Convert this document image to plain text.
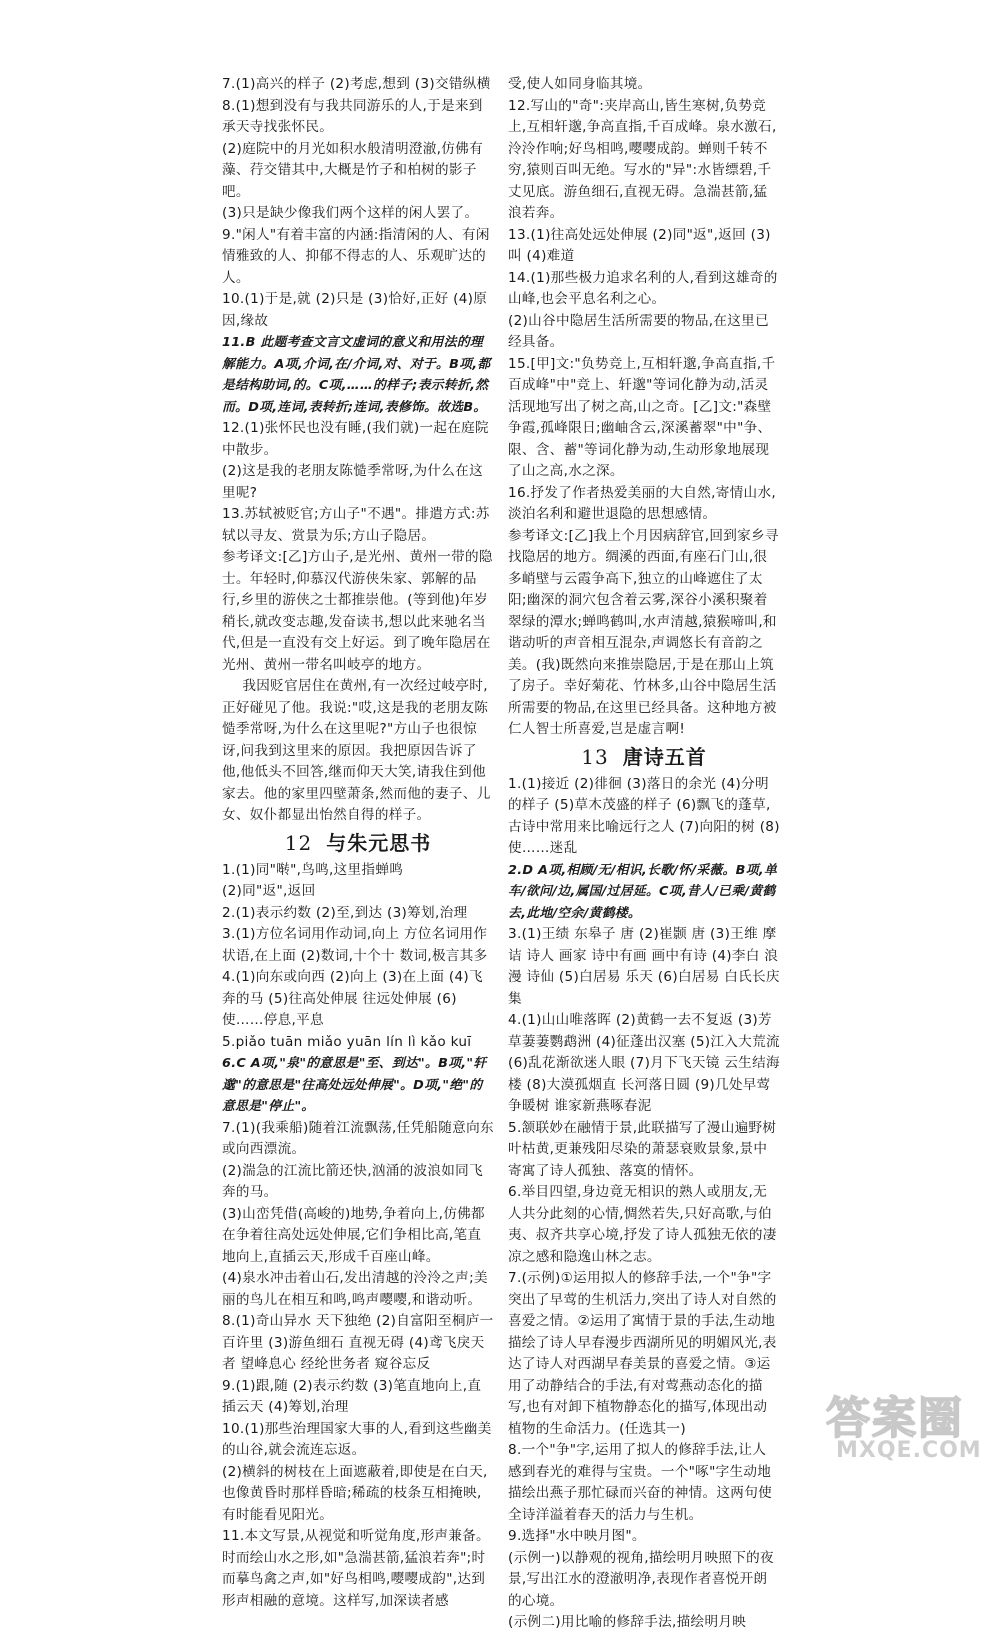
7.(1)高兴的样子 (2)考虑,想到 (3)交错纵横

8.(1)想到没有与我共同游乐的人,于是来到承天寺找张怀民。

(2)庭院中的月光如积水般清明澄澈,仿佛有藻、荇交错其中,大概是竹子和柏树的影子吧。

(3)只是缺少像我们两个这样的闲人罢了。

9."闲人"有着丰富的内涵:指清闲的人、有闲情雅致的人、抑郁不得志的人、乐观旷达的人。

10.(1)于是,就 (2)只是 (3)恰好,正好 (4)原因,缘故

11.B 此题考查文言文虚词的意义和用法的理解能力。A项,介词,在/介词,对、对于。B项,都是结构助词,的。C项,……的样子;表示转折,然而。D项,连词,表转折;连词,表修饰。故选B。

12.(1)张怀民也没有睡,(我们就)一起在庭院中散步。

(2)这是我的老朋友陈慥季常呀,为什么在这里呢?

13.苏轼被贬官;方山子"不遇"。排遣方式:苏轼以寻友、赏景为乐;方山子隐居。

参考译文:[乙]方山子,是光州、黄州一带的隐士。年轻时,仰慕汉代游侠朱家、郭解的品行,乡里的游侠之士都推崇他。(等到他)年岁稍长,就改变志趣,发奋读书,想以此来驰名当代,但是一直没有交上好运。到了晚年隐居在光州、黄州一带名叫岐亭的地方。

我因贬官居住在黄州,有一次经过岐亭时,正好碰见了他。我说:"哎,这是我的老朋友陈慥季常呀,为什么在这里呢?"方山子也很惊讶,问我到这里来的原因。我把原因告诉了他,他低头不回答,继而仰天大笑,请我住到他家去。他的家里四壁萧条,然而他的妻子、儿女、奴仆都显出怡然自得的样子。

12 与朱元思书

1.(1)同"啭",鸟鸣,这里指蝉鸣

(2)同"返",返回

2.(1)表示约数 (2)至,到达 (3)筹划,治理

3.(1)方位名词用作动词,向上 方位名词用作状语,在上面 (2)数词,十个十 数词,极言其多

4.(1)向东或向西 (2)向上 (3)在上面 (4)飞奔的马 (5)往高处伸展 往远处伸展 (6)使……停息,平息

5.piǎo tuān miǎo yuān lín lì kǎo kuī

6.C A项,"泉"的意思是"至、到达"。B项,"轩邈"的意思是"往高处远处伸展"。D项,"绝"的意思是"停止"。

7.(1)(我乘船)随着江流飘荡,任凭船随意向东或向西漂流。

(2)湍急的江流比箭还快,汹涌的波浪如同飞奔的马。

(3)山峦凭借(高峻的)地势,争着向上,仿佛都在争着往高处远处伸展,它们争相比高,笔直地向上,直插云天,形成千百座山峰。

(4)泉水冲击着山石,发出清越的泠泠之声;美丽的鸟儿在相互和鸣,鸣声嘤嘤,和谐动听。

8.(1)奇山异水 天下独绝 (2)自富阳至桐庐一百许里 (3)游鱼细石 直视无碍 (4)鸢飞戾天者 望峰息心 经纶世务者 窥谷忘反

9.(1)跟,随 (2)表示约数 (3)笔直地向上,直插云天 (4)筹划,治理

10.(1)那些治理国家大事的人,看到这些幽美的山谷,就会流连忘返。

(2)横斜的树枝在上面遮蔽着,即使是在白天,也像黄昏时那样昏暗;稀疏的枝条互相掩映,有时能看见阳光。

11.本文写景,从视觉和听觉角度,形声兼备。时而绘山水之形,如"急湍甚箭,猛浪若奔";时而摹鸟禽之声,如"好鸟相鸣,嘤嘤成韵",达到形声相融的意境。这样写,加深读者感

受,使人如同身临其境。

12.写山的"奇":夹岸高山,皆生寒树,负势竞上,互相轩邈,争高直指,千百成峰。泉水激石,泠泠作响;好鸟相鸣,嘤嘤成韵。蝉则千转不穷,猿则百叫无绝。写水的"异":水皆缥碧,千丈见底。游鱼细石,直视无碍。急湍甚箭,猛浪若奔。

13.(1)往高处远处伸展 (2)同"返",返回 (3)叫 (4)难道

14.(1)那些极力追求名利的人,看到这雄奇的山峰,也会平息名利之心。

(2)山谷中隐居生活所需要的物品,在这里已经具备。

15.[甲]文:"负势竞上,互相轩邈,争高直指,千百成峰"中"竞上、轩邈"等词化静为动,活灵活现地写出了树之高,山之奇。[乙]文:"森壁争霞,孤峰限日;幽岫含云,深溪蓄翠"中"争、限、含、蓄"等词化静为动,生动形象地展现了山之高,水之深。

16.抒发了作者热爱美丽的大自然,寄情山水,淡泊名利和避世退隐的思想感情。

参考译文:[乙]我上个月因病辞官,回到家乡寻找隐居的地方。绸溪的西面,有座石门山,很多峭壁与云霞争高下,独立的山峰遮住了太阳;幽深的洞穴包含着云雾,深谷小溪积聚着翠绿的潭水;蝉鸣鹤叫,水声清越,猿猴啼叫,和谐动听的声音相互混杂,声调悠长有音韵之美。(我)既然向来推崇隐居,于是在那山上筑了房子。幸好菊花、竹林多,山谷中隐居生活所需要的物品,在这里已经具备。这种地方被仁人智士所喜爱,岂是虚言啊!

13 唐诗五首

1.(1)接近 (2)徘徊 (3)落日的余光 (4)分明的样子 (5)草木茂盛的样子 (6)飘飞的蓬草,古诗中常用来比喻远行之人 (7)向阳的树 (8)使……迷乱

2.D A项,相顾/无/相识,长歌/怀/采薇。B项,单车/欲问/边,属国/过居延。C项,昔人/已乘/黄鹤去,此地/空余/黄鹤楼。

3.(1)王绩 东皋子 唐 (2)崔颢 唐 (3)王维 摩诘 诗人 画家 诗中有画 画中有诗 (4)李白 浪漫 诗仙 (5)白居易 乐天 (6)白居易 白氏长庆集

4.(1)山山唯落晖 (2)黄鹤一去不复返 (3)芳草萋萋鹦鹉洲 (4)征蓬出汉塞 (5)江入大荒流 (6)乱花渐欲迷人眼 (7)月下飞天镜 云生结海楼 (8)大漠孤烟直 长河落日圆 (9)几处早莺争暖树 谁家新燕啄春泥

5.颔联妙在融情于景,此联描写了漫山遍野树叶枯黄,更兼残阳尽染的萧瑟衰败景象,景中寄寓了诗人孤独、落寞的情怀。

6.举目四望,身边竟无相识的熟人或朋友,无人共分此刻的心情,惆然若失,只好高歌,与伯夷、叔齐共享心境,抒发了诗人孤独无依的凄凉之感和隐逸山林之志。

7.(示例)①运用拟人的修辞手法,一个"争"字突出了早莺的生机活力,突出了诗人对自然的喜爱之情。②运用了寓情于景的手法,生动地描绘了诗人早春漫步西湖所见的明媚风光,表达了诗人对西湖早春美景的喜爱之情。③运用了动静结合的手法,有对莺燕动态化的描写,也有对卸下植物静态化的描写,体现出动植物的生命活力。(任选其一)

8.一个"争"字,运用了拟人的修辞手法,让人感到春光的难得与宝贵。一个"啄"字生动地描绘出燕子那忙碌而兴奋的神情。这两句使全诗洋溢着春天的活力与生机。

9.选择"水中映月图"。

(示例一)以静观的视角,描绘明月映照下的夜景,写出江水的澄澈明净,表现作者喜悦开朗的心境。

(示例二)用比喻的修辞手法,描绘明月映

答案圈
MXQE.COM
